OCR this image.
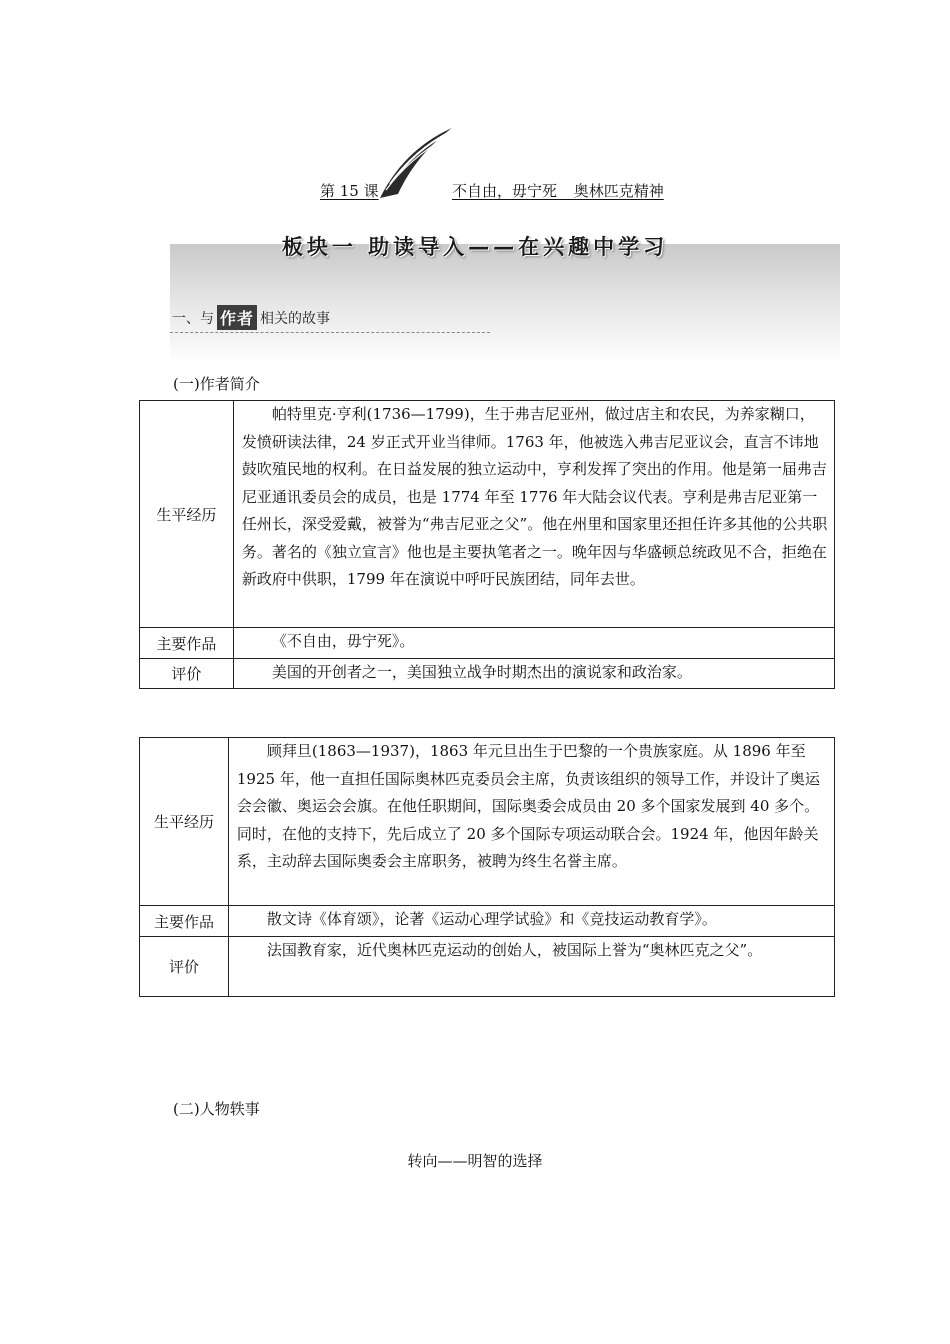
第 15 课	不自由，毋宁死 奥林匹克精神
板块一 助读导入——在兴趣中学习
一、与 作者 相关的故事
(一)作者简介
生平经历	帕特里克·亨利(1736—1799)，生于弗吉尼亚州，做过店主和农民，为养家糊口，发愤研读法律，24 岁正式开业当律师。1763 年，他被选入弗吉尼亚议会，直言不讳地鼓吹殖民地的权利。在日益发展的独立运动中，亨利发挥了突出的作用。他是第一届弗吉尼亚通讯委员会的成员，也是 1774 年至 1776 年大陆会议代表。亨利是弗吉尼亚第一任州长，深受爱戴，被誉为“弗吉尼亚之父”。他在州里和国家里还担任许多其他的公共职务。著名的《独立宣言》他也是主要执笔者之一。晚年因与华盛顿总统政见不合，拒绝在新政府中供职，1799 年在演说中呼吁民族团结，同年去世。
主要作品	《不自由，毋宁死》。
评价	美国的开创者之一，美国独立战争时期杰出的演说家和政治家。
生平经历	顾拜旦(1863—1937)，1863 年元旦出生于巴黎的一个贵族家庭。从 1896 年至 1925 年，他一直担任国际奥林匹克委员会主席，负责该组织的领导工作，并设计了奥运会会徽、奥运会会旗。在他任职期间，国际奥委会成员由 20 多个国家发展到 40 多个。同时，在他的支持下，先后成立了 20 多个国际专项运动联合会。1924 年，他因年龄关系，主动辞去国际奥委会主席职务，被聘为终生名誉主席。
主要作品	散文诗《体育颂》，论著《运动心理学试验》和《竞技运动教育学》。
评价	法国教育家，近代奥林匹克运动的创始人，被国际上誉为“奥林匹克之父”。
(二)人物轶事
转向——明智的选择
